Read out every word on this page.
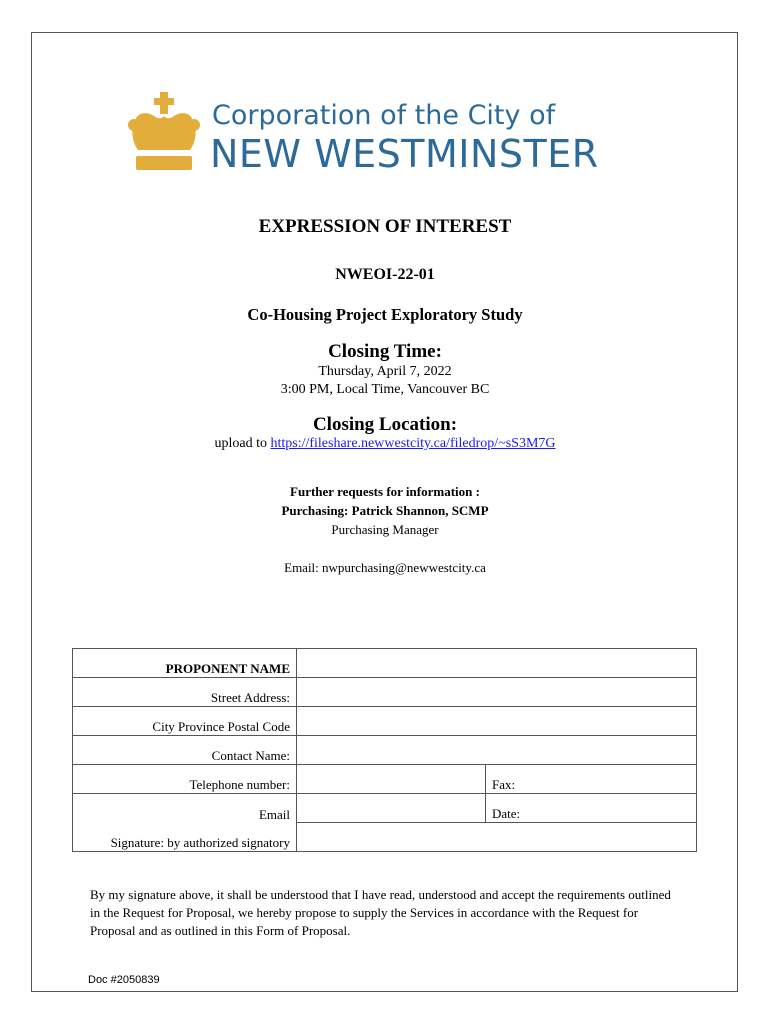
Corporation of the City of
NEW WESTMINSTER
EXPRESSION OF INTEREST
NWEOI-22-01
Co-Housing Project Exploratory Study
Closing Time:
Thursday, April 7, 2022
3:00 PM, Local Time, Vancouver BC
Closing Location:
upload to https://fileshare.newwestcity.ca/filedrop/~sS3M7G
Further requests for information :
Purchasing: Patrick Shannon, SCMP
Purchasing Manager
Email: nwpurchasing@newwestcity.ca
PROPONENT NAME		
Street Address:		
City Province Postal Code		
Contact Name:		
Telephone number:		Fax:
Email		Date:
Signature: by authorized signatory		
By my signature above, it shall be understood that I have read, understood and accept the requirements outlined in the Request for Proposal, we hereby propose to supply the Services in accordance with the Request for Proposal and as outlined in this Form of Proposal.
Doc #2050839
